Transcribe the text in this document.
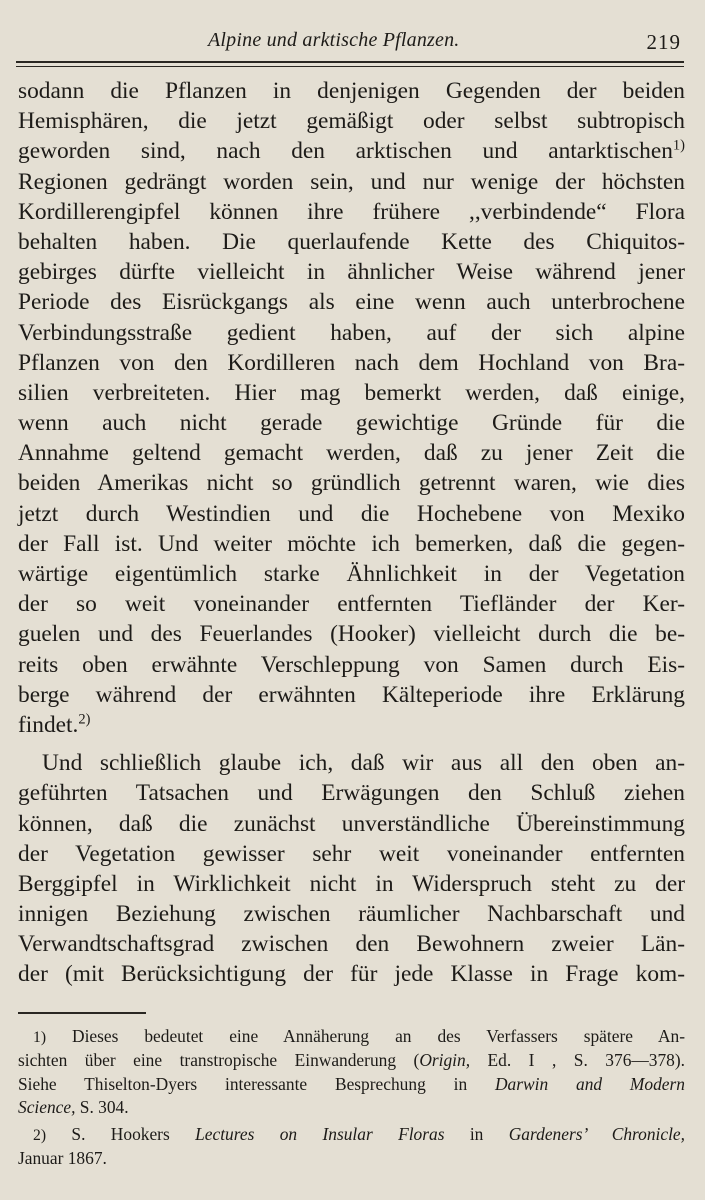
Alpine und arktische Pflanzen.	219
sodann die Pflanzen in denjenigen Gegenden der beiden
Hemisphären, die jetzt gemäßigt oder selbst subtropisch
geworden sind, nach den arktischen und antarktischen$^{1)}$
Regionen gedrängt worden sein, und nur wenige der höchsten
Kordillerengipfel können ihre frühere ,,verbindende“ Flora
behalten haben. Die querlaufende Kette des Chiquitos-
gebirges dürfte vielleicht in ähnlicher Weise während jener
Periode des Eisrückgangs als eine wenn auch unterbrochene
Verbindungsstraße gedient haben, auf der sich alpine
Pflanzen von den Kordilleren nach dem Hochland von Bra-
silien verbreiteten. Hier mag bemerkt werden, daß einige,
wenn auch nicht gerade gewichtige Gründe für die
Annahme geltend gemacht werden, daß zu jener Zeit die
beiden Amerikas nicht so gründlich getrennt waren, wie dies
jetzt durch Westindien und die Hochebene von Mexiko
der Fall ist. Und weiter möchte ich bemerken, daß die gegen-
wärtige eigentümlich starke Ähnlichkeit in der Vegetation
der so weit voneinander entfernten Tiefländer der Ker-
guelen und des Feuerlandes (Hooker) vielleicht durch die be-
reits oben erwähnte Verschleppung von Samen durch Eis-
berge während der erwähnten Kälteperiode ihre Erklärung
findet.$^{2)}$
Und schließlich glaube ich, daß wir aus all den oben an-
geführten Tatsachen und Erwägungen den Schluß ziehen
können, daß die zunächst unverständliche Übereinstimmung
der Vegetation gewisser sehr weit voneinander entfernten
Berggipfel in Wirklichkeit nicht in Widerspruch steht zu der
innigen Beziehung zwischen räumlicher Nachbarschaft und
Verwandtschaftsgrad zwischen den Bewohnern zweier Län-
der (mit Berücksichtigung der für jede Klasse in Frage kom-
1) Dieses bedeutet eine Annäherung an des Verfassers spätere An-
sichten über eine transtropische Einwanderung (Origin, Ed. I , S. 376—378).
Siehe Thiselton-Dyers interessante Besprechung in Darwin and Modern
Science, S. 304.
2) S. Hookers Lectures on Insular Floras in Gardeners’ Chronicle,
Januar 1867.
